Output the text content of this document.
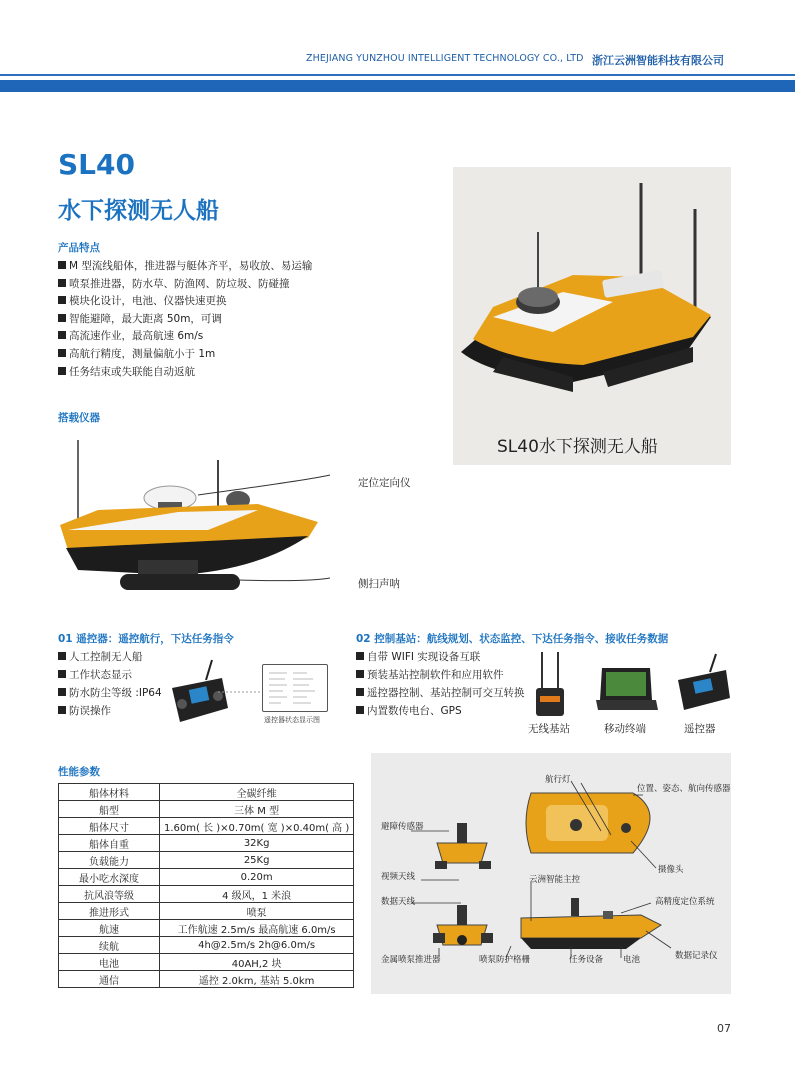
ZHEJIANG YUNZHOU INTELLIGENT TECHNOLOGY CO., LTD 浙江云洲智能科技有限公司
SL40
水下探测无人船
产品特点
M 型流线船体，推进器与艇体齐平，易收放、易运输
喷泵推进器，防水草、防渔网、防垃圾、防碰撞
模块化设计，电池、仪器快速更换
智能避障，最大距离 50m，可调
高流速作业，最高航速 6m/s
高航行精度，测量偏航小于 1m
任务结束或失联能自动返航
SL40水下探测无人船
搭载仪器
定位定向仪
侧扫声呐
01 遥控器：遥控航行，下达任务指令
人工控制无人船
工作状态显示
防水防尘等级 :IP64
防误操作
遥控器状态显示图
02 控制基站：航线规划、状态监控、下达任务指令、接收任务数据
自带 WIFI 实现设备互联
预装基站控制软件和应用软件
遥控器控制、基站控制可交互转换
内置数传电台、GPS
无线基站	移动终端	遥控器
性能参数
船体材料	全碳纤维
船型	三体 M 型
船体尺寸	1.60m( 长 )×0.70m( 宽 )×0.40m( 高 )
船体自重	32Kg
负载能力	25Kg
最小吃水深度	0.20m
抗风浪等级	4 级风，1 米浪
推进形式	喷泵
航速	工作航速 2.5m/s 最高航速 6.0m/s
续航	4h@2.5m/s 2h@6.0m/s
电池	40AH,2 块
通信	遥控 2.0km, 基站 5.0km
航行灯
位置、姿态、航向传感器
避障传感器
摄像头
视频天线	云洲智能主控
数据天线	高精度定位系统
数据记录仪
金属喷泵推进器	喷泵防护格栅	任务设备 电池
07
